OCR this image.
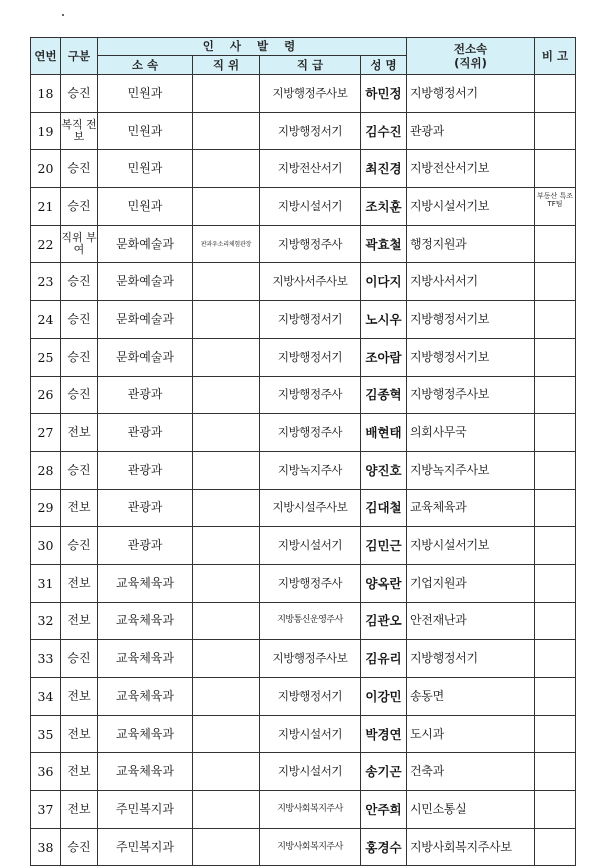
연번	구분	인 사 발 령				전소속
(직위)	비 고
		소 속	직 위	직 급	성 명		
18	승진	민원과		지방행정주사보	하민정	지방행정서기	
19	복직 전보	민원과		지방행정서기	김수진	관광과	
20	승진	민원과		지방전산서기	최진경	지방전산서기보	
21	승진	민원과		지방시설서기	조치훈	지방시설서기보	부동산 특조TF팀
22	직위 부여	문화예술과	판과우소리체험관장	지방행정주사	곽효철	행정지원과	
23	승진	문화예술과		지방사서주사보	이다지	지방사서서기	
24	승진	문화예술과		지방행정서기	노시우	지방행정서기보	
25	승진	문화예술과		지방행정서기	조아람	지방행정서기보	
26	승진	관광과		지방행정주사	김종혁	지방행정주사보	
27	전보	관광과		지방행정주사	배현태	의회사무국	
28	승진	관광과		지방녹지주사	양진호	지방녹지주사보	
29	전보	관광과		지방시설주사보	김대철	교육체육과	
30	승진	관광과		지방시설서기	김민근	지방시설서기보	
31	전보	교육체육과		지방행정주사	양옥란	기업지원과	
32	전보	교육체육과		지방통신운영주사	김관오	안전재난과	
33	승진	교육체육과		지방행정주사보	김유리	지방행정서기	
34	전보	교육체육과		지방행정서기	이강민	송동면	
35	전보	교육체육과		지방시설서기	박경연	도시과	
36	전보	교육체육과		지방시설서기	송기곤	건축과	
37	전보	주민복지과		지방사회복지주사	안주희	시민소통실	
38	승진	주민복지과		지방사회복지주사	홍경수	지방사회복지주사보	
